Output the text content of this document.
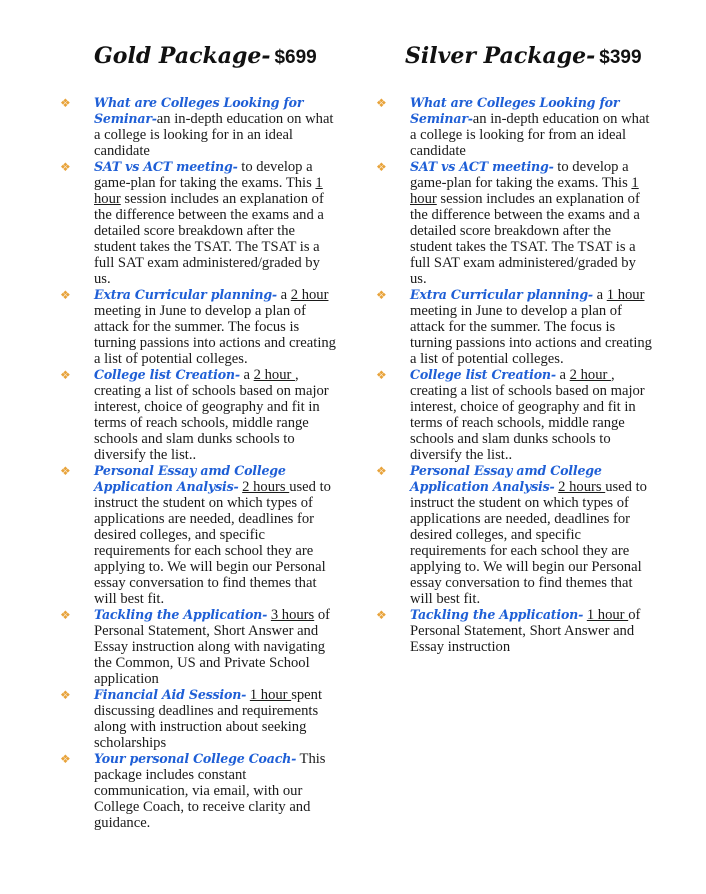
Gold Package- $699
❖ What are Colleges Looking for Seminar-an in-depth education on what a college is looking for in an ideal candidate
❖ SAT vs ACT meeting- to develop a game-plan for taking the exams. This 1 hour session includes an explanation of the difference between the exams and a detailed score breakdown after the student takes the TSAT. The TSAT is a full SAT exam administered/graded by us.
❖ Extra Curricular planning- a 2 hour meeting in June to develop a plan of attack for the summer. The focus is turning passions into actions and creating a list of potential colleges.
❖ College list Creation- a 2 hour , creating a list of schools based on major interest, choice of geography and fit in terms of reach schools, middle range schools and slam dunks schools to diversify the list..
❖ Personal Essay amd College Application Analysis- 2 hours used to instruct the student on which types of applications are needed, deadlines for desired colleges, and specific requirements for each school they are applying to. We will begin our Personal essay conversation to find themes that will best fit.
❖ Tackling the Application- 3 hours of Personal Statement, Short Answer and Essay instruction along with navigating the Common, US and Private School application
❖ Financial Aid Session- 1 hour spent discussing deadlines and requirements along with instruction about seeking scholarships
❖ Your personal College Coach- This package includes constant communication, via email, with our College Coach, to receive clarity and guidance.
Silver Package- $399
❖ What are Colleges Looking for Seminar-an in-depth education on what a college is looking for from an ideal candidate
❖ SAT vs ACT meeting- to develop a game-plan for taking the exams. This 1 hour session includes an explanation of the difference between the exams and a detailed score breakdown after the student takes the TSAT. The TSAT is a full SAT exam administered/graded by us.
❖ Extra Curricular planning- a 1 hour meeting in June to develop a plan of attack for the summer. The focus is turning passions into actions and creating a list of potential colleges.
❖ College list Creation- a 2 hour , creating a list of schools based on major interest, choice of geography and fit in terms of reach schools, middle range schools and slam dunks schools to diversify the list..
❖ Personal Essay amd College Application Analysis- 2 hours used to instruct the student on which types of applications are needed, deadlines for desired colleges, and specific requirements for each school they are applying to. We will begin our Personal essay conversation to find themes that will best fit.
❖ Tackling the Application- 1 hour of Personal Statement, Short Answer and Essay instruction
